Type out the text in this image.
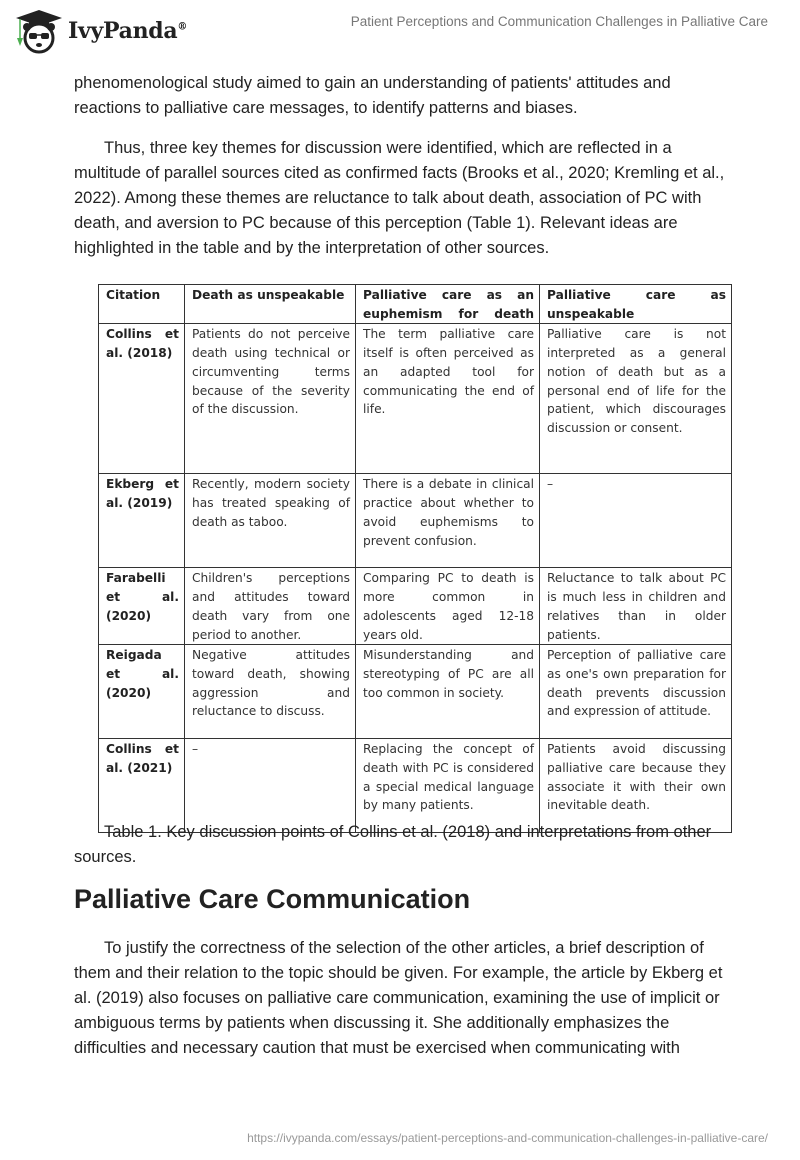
IvyPanda®	Patient Perceptions and Communication Challenges in Palliative Care

phenomenological study aimed to gain an understanding of patients' attitudes and reactions to palliative care messages, to identify patterns and biases.

Thus, three key themes for discussion were identified, which are reflected in a multitude of parallel sources cited as confirmed facts (Brooks et al., 2020; Kremling et al., 2022). Among these themes are reluctance to talk about death, association of PC with death, and aversion to PC because of this perception (Table 1). Relevant ideas are highlighted in the table and by the interpretation of other sources.

Citation	Death as unspeakable	Palliative care as an euphemism for death	Palliative care as unspeakable
Collins et al. (2018)	Patients do not perceive death using technical or circumventing terms because of the severity of the discussion.	The term palliative care itself is often perceived as an adapted tool for communicating the end of life.	Palliative care is not interpreted as a general notion of death but as a personal end of life for the patient, which discourages discussion or consent.
Ekberg et al. (2019)	Recently, modern society has treated speaking of death as taboo.	There is a debate in clinical practice about whether to avoid euphemisms to prevent confusion.	–
Farabelli et al. (2020)	Children's perceptions and attitudes toward death vary from one period to another.	Comparing PC to death is more common in adolescents aged 12-18 years old.	Reluctance to talk about PC is much less in children and relatives than in older patients.
Reigada et al. (2020)	Negative attitudes toward death, showing aggression and reluctance to discuss.	Misunderstanding and stereotyping of PC are all too common in society.	Perception of palliative care as one's own preparation for death prevents discussion and expression of attitude.
Collins et al. (2021)	–	Replacing the concept of death with PC is considered a special medical language by many patients.	Patients avoid discussing palliative care because they associate it with their own inevitable death.

Table 1. Key discussion points of Collins et al. (2018) and interpretations from other sources.

Palliative Care Communication

To justify the correctness of the selection of the other articles, a brief description of them and their relation to the topic should be given. For example, the article by Ekberg et al. (2019) also focuses on palliative care communication, examining the use of implicit or ambiguous terms by patients when discussing it. She additionally emphasizes the difficulties and necessary caution that must be exercised when communicating with

https://ivypanda.com/essays/patient-perceptions-and-communication-challenges-in-palliative-care/
